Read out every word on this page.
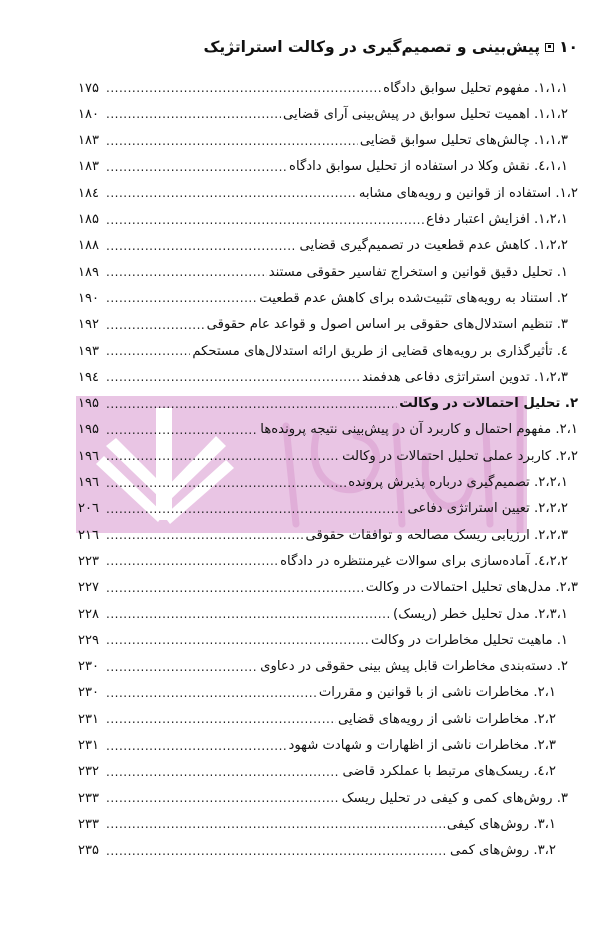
۱۰
پیش‌بینی و تصمیم‌گیری در وکالت استراتژیک
۱،۱،۱. مفهوم تحلیل سوابق دادگاه
.....
۱۷۵
۱،۱،۲. اهمیت تحلیل سوابق در پیش‌بینی آرای قضایی
.....
۱۸۰
۱،۱،۳. چالش‌های تحلیل سوابق قضایی
.....
۱۸۳
۱،۱،٤. نقش وکلا در استفاده از تحلیل سوابق دادگاه
.....
۱۸۳
۱،۲. استفاده از قوانین و رویه‌های مشابه
.....
۱۸٤
۱،۲،۱. افزایش اعتبار دفاع
.....
۱۸۵
۱،۲،۲. کاهش عدم قطعیت در تصمیم‌گیری قضایی
.....
۱۸۸
۱. تحلیل دقیق قوانین و استخراج تفاسیر حقوقی مستند
.....
۱۸۹
۲. استناد به رویه‌های تثبیت‌شده برای کاهش عدم قطعیت
.....
۱۹۰
۳. تنظیم استدلال‌های حقوقی بر اساس اصول و قواعد عام حقوقی
.....
۱۹۲
٤. تأثیرگذاری بر رویه‌های قضایی از طریق ارائه استدلال‌های مستحکم
.....
۱۹۳
۱،۲،۳. تدوین استراتژی دفاعی هدفمند
.....
۱۹٤
۲. تحلیل احتمالات در وکالت
.....
۱۹۵
۲،۱. مفهوم احتمال و کاربرد آن در پیش‌بینی نتیجه پرونده‌ها
.....
۱۹۵
۲،۲. کاربرد عملی تحلیل احتمالات در وکالت
.....
۱۹٦
۲،۲،۱. تصمیم‌گیری درباره پذیرش پرونده
.....
۱۹٦
۲،۲،۲. تعیین استراتژی دفاعی
.....
۲۰٦
۲،۲،۳. ارزیابی ریسک مصالحه و توافقات حقوقی
.....
۲۱٦
۲،۲،٤. آماده‌سازی برای سوالات غیرمنتظره در دادگاه
.....
۲۲۳
۲،۳. مدل‌های تحلیل احتمالات در وکالت
.....
۲۲۷
۲،۳،۱. مدل تحلیل خطر (ریسک)
.....
۲۲۸
۱. ماهیت تحلیل مخاطرات در وکالت
.....
۲۲۹
۲. دسته‌بندی مخاطرات قابل پیش بینی حقوقی در دعاوی
.....
۲۳۰
۲،۱. مخاطرات ناشی از با قوانین و مقررات
.....
۲۳۰
۲،۲. مخاطرات ناشی از رویه‌های قضایی
.....
۲۳۱
۲،۳. مخاطرات ناشی از اظهارات و شهادت شهود
.....
۲۳۱
۲،٤. ریسک‌های مرتبط با عملکرد قاضی
.....
۲۳۲
۳. روش‌های کمی و کیفی در تحلیل ریسک
.....
۲۳۳
۳،۱. روش‌های کیفی
.....
۲۳۳
۳،۲. روش‌های کمی
.....
۲۳۵
